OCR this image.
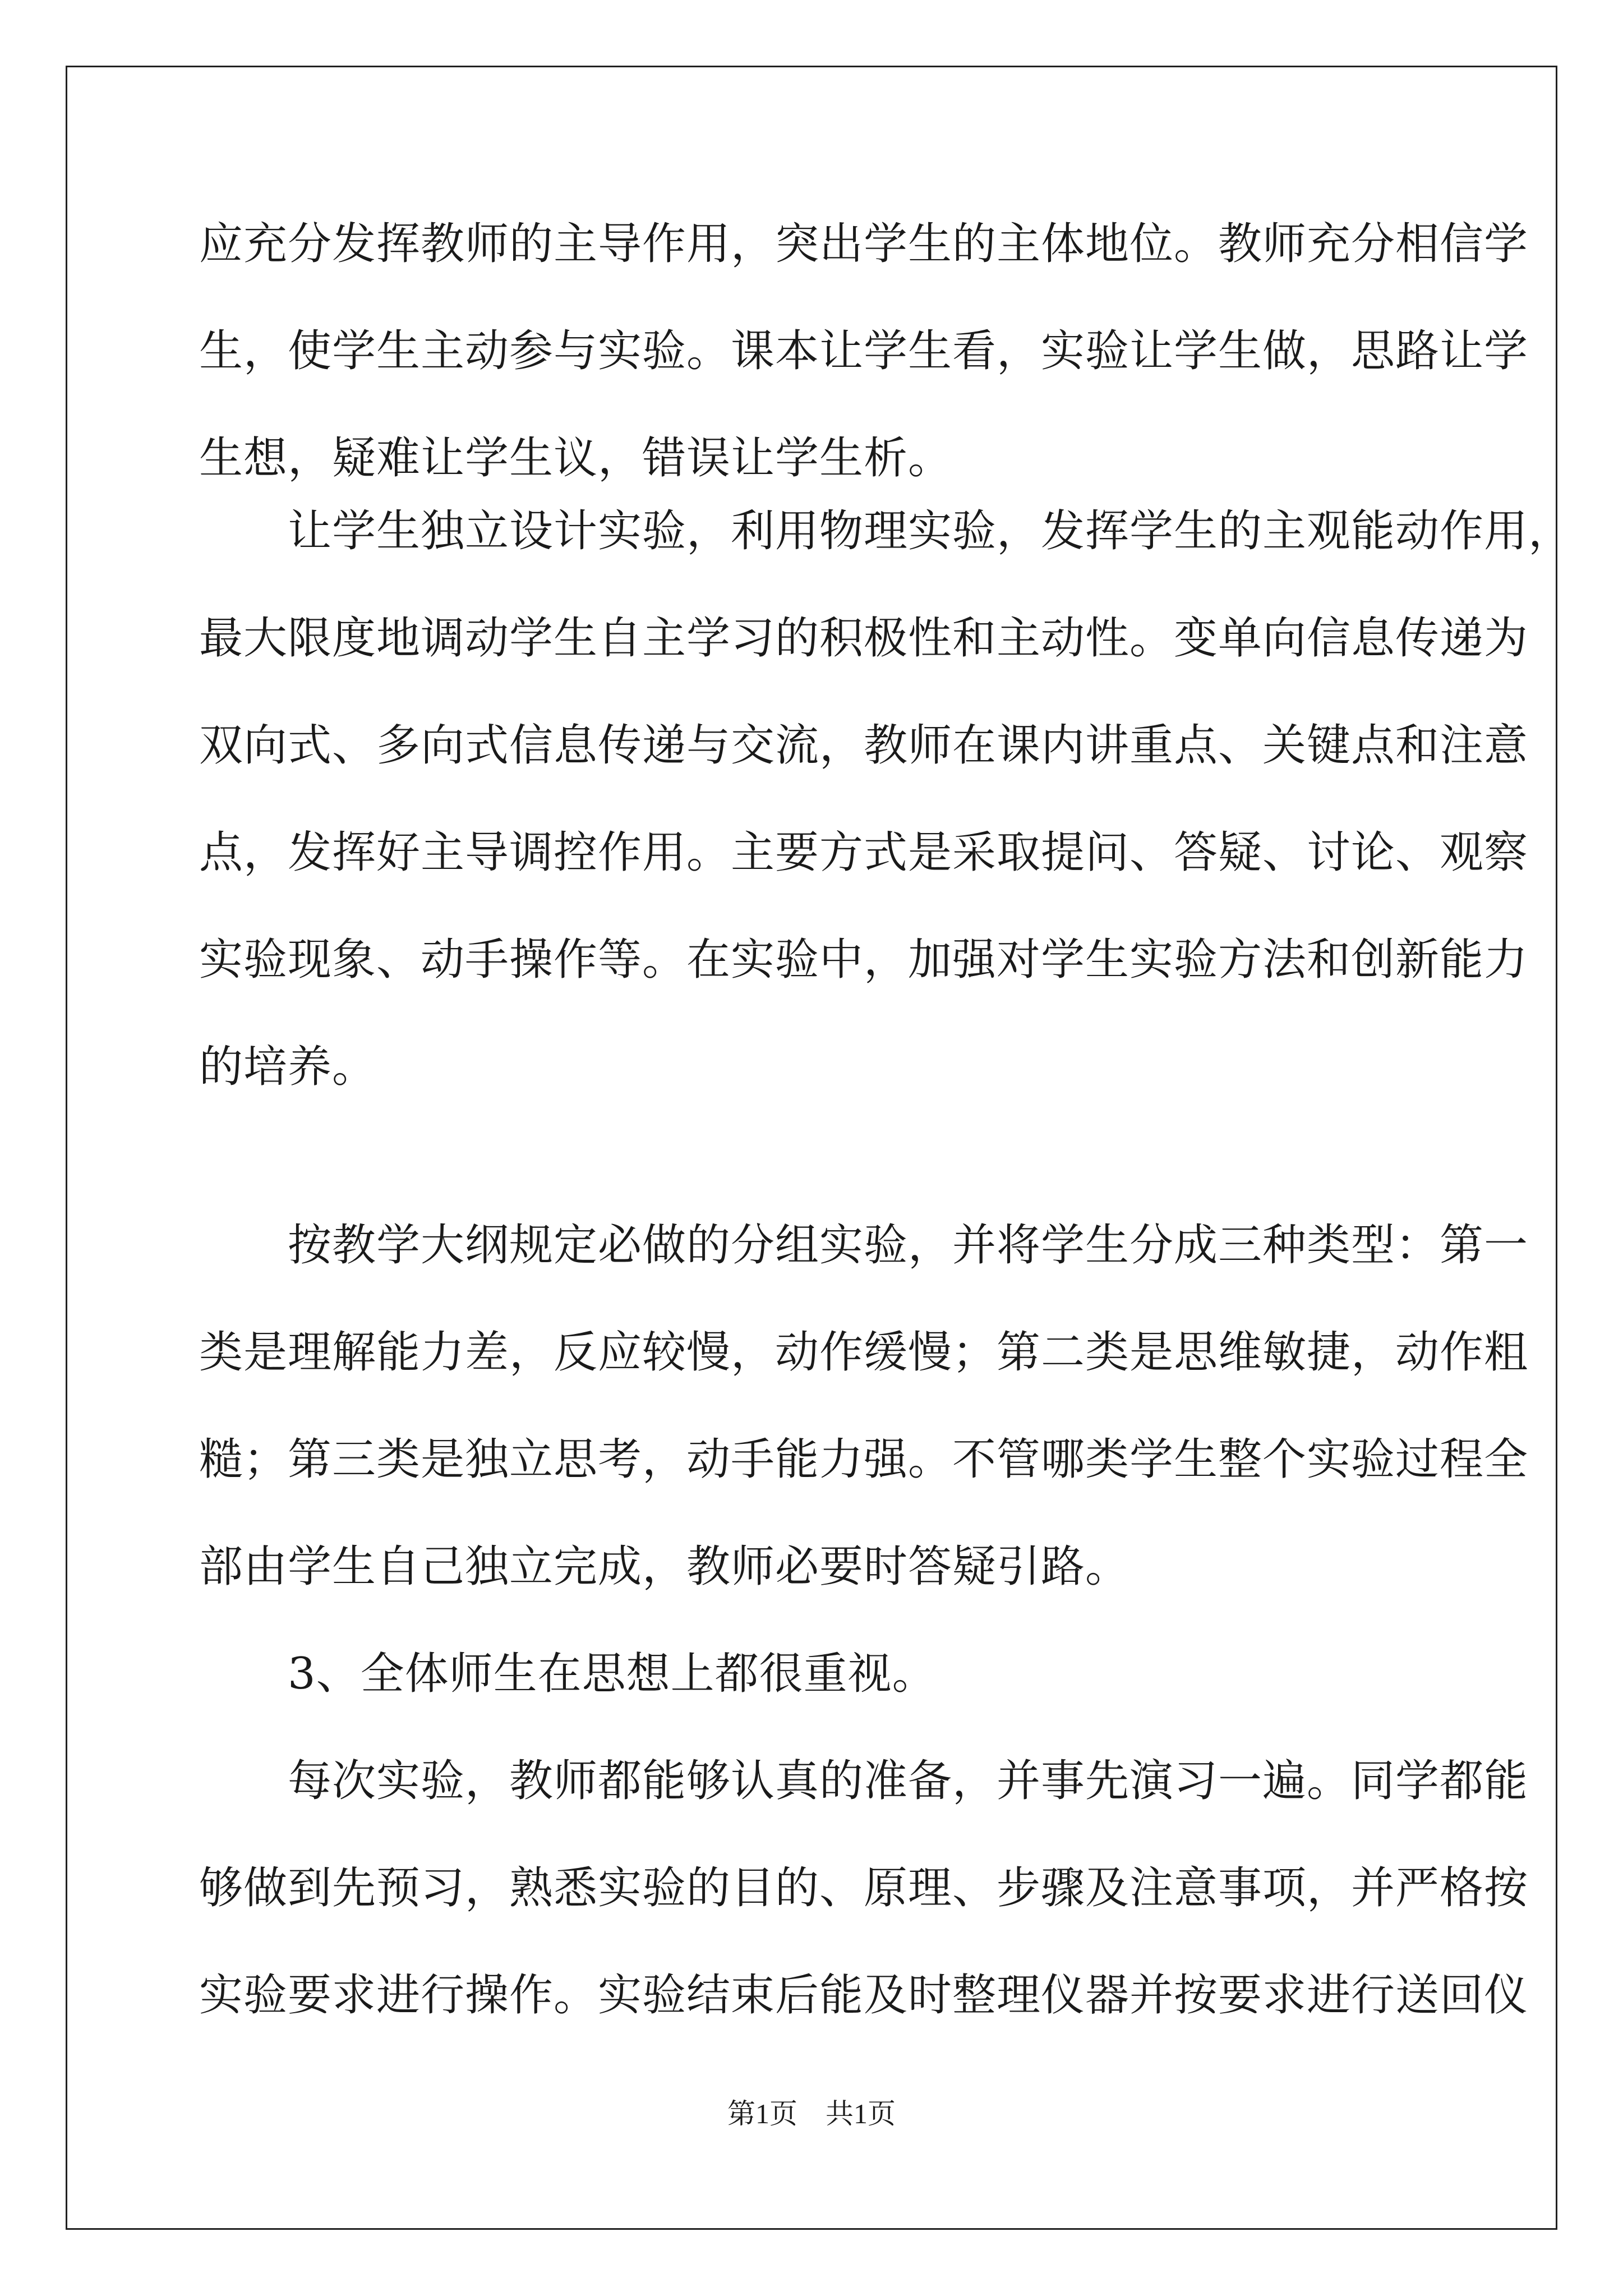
应充分发挥教师的主导作用，突出学生的主体地位。教师充分相信学
生，使学生主动参与实验。课本让学生看，实验让学生做，思路让学
生想，疑难让学生议，错误让学生析。
　　让学生独立设计实验，利用物理实验，发挥学生的主观能动作用，
最大限度地调动学生自主学习的积极性和主动性。变单向信息传递为
双向式、多向式信息传递与交流，教师在课内讲重点、关键点和注意
点，发挥好主导调控作用。主要方式是采取提问、答疑、讨论、观察
实验现象、动手操作等。在实验中，加强对学生实验方法和创新能力
的培养。
　　按教学大纲规定必做的分组实验，并将学生分成三种类型：第一
类是理解能力差，反应较慢，动作缓慢；第二类是思维敏捷，动作粗
糙；第三类是独立思考，动手能力强。不管哪类学生整个实验过程全
部由学生自己独立完成，教师必要时答疑引路。
　　3、全体师生在思想上都很重视。
　　每次实验，教师都能够认真的准备，并事先演习一遍。同学都能
够做到先预习，熟悉实验的目的、原理、步骤及注意事项，并严格按
实验要求进行操作。实验结束后能及时整理仪器并按要求进行送回仪
第1页　共1页
